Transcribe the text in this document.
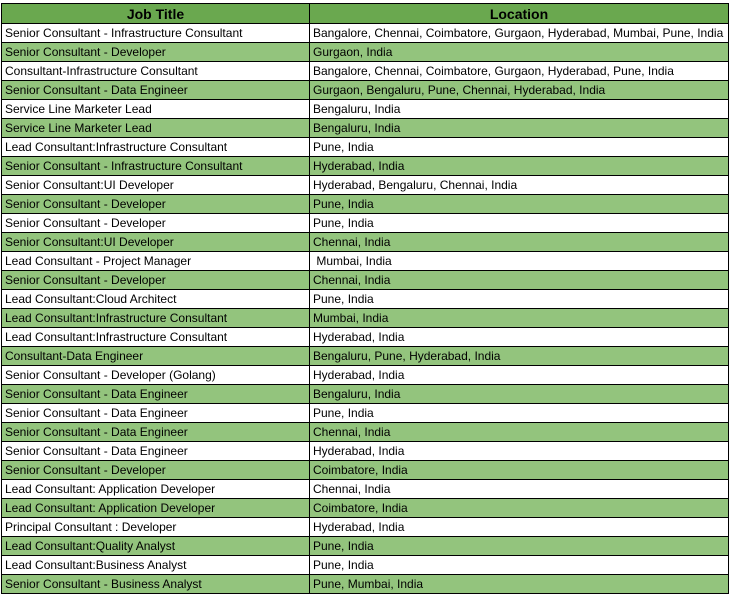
Job Title	Location
Senior Consultant - Infrastructure Consultant	Bangalore, Chennai, Coimbatore, Gurgaon, Hyderabad, Mumbai, Pune, India
Senior Consultant - Developer	Gurgaon, India
Consultant-Infrastructure Consultant	Bangalore, Chennai, Coimbatore, Gurgaon, Hyderabad, Pune, India
Senior Consultant - Data Engineer	Gurgaon, Bengaluru, Pune, Chennai, Hyderabad, India
Service Line Marketer Lead	Bengaluru, India
Service Line Marketer Lead	Bengaluru, India
Lead Consultant:Infrastructure Consultant	Pune, India
Senior Consultant - Infrastructure Consultant	Hyderabad, India
Senior Consultant:UI Developer	Hyderabad, Bengaluru, Chennai, India
Senior Consultant - Developer	Pune, India
Senior Consultant - Developer	Pune, India
Senior Consultant:UI Developer	Chennai, India
Lead Consultant - Project Manager	Mumbai, India
Senior Consultant - Developer	Chennai, India
Lead Consultant:Cloud Architect	Pune, India
Lead Consultant:Infrastructure Consultant	Mumbai, India
Lead Consultant:Infrastructure Consultant	Hyderabad, India
Consultant-Data Engineer	Bengaluru, Pune, Hyderabad, India
Senior Consultant - Developer (Golang)	Hyderabad, India
Senior Consultant - Data Engineer	Bengaluru, India
Senior Consultant - Data Engineer	Pune, India
Senior Consultant - Data Engineer	Chennai, India
Senior Consultant - Data Engineer	Hyderabad, India
Senior Consultant - Developer	Coimbatore, India
Lead Consultant: Application Developer	Chennai, India
Lead Consultant: Application Developer	Coimbatore, India
Principal Consultant : Developer	Hyderabad, India
Lead Consultant:Quality Analyst	Pune, India
Lead Consultant:Business Analyst	Pune, India
Senior Consultant - Business Analyst	Pune, Mumbai, India
